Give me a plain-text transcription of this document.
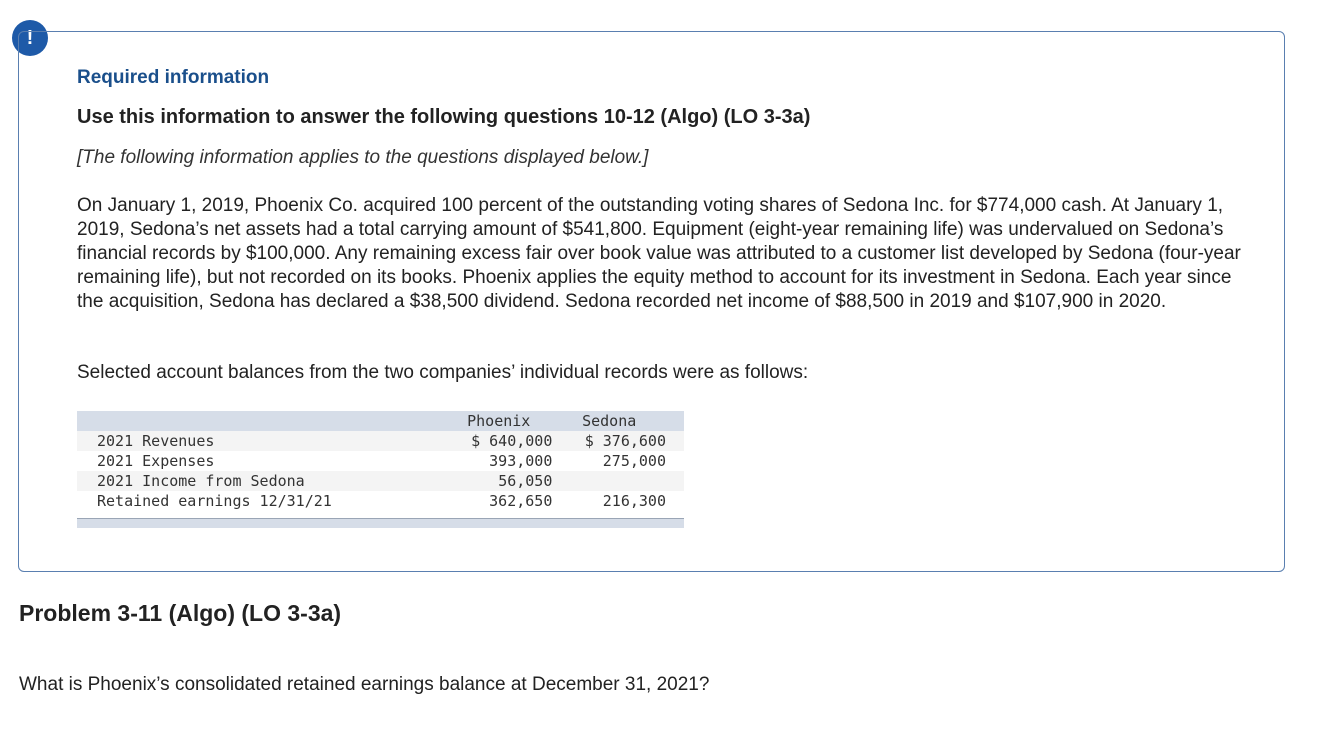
!
Required information
Use this information to answer the following questions 10-12 (Algo) (LO 3-3a)

[The following information applies to the questions displayed below.]

On January 1, 2019, Phoenix Co. acquired 100 percent of the outstanding voting shares of Sedona Inc. for $774,000 cash. At January 1, 2019, Sedona’s net assets had a total carrying amount of $541,800. Equipment (eight-year remaining life) was undervalued on Sedona’s financial records by $100,000. Any remaining excess fair over book value was attributed to a customer list developed by Sedona (four-year remaining life), but not recorded on its books. Phoenix applies the equity method to account for its investment in Sedona. Each year since the acquisition, Sedona has declared a $38,500 dividend. Sedona recorded net income of $88,500 in 2019 and $107,900 in 2020.

Selected account balances from the two companies’ individual records were as follows:

	Phoenix	Sedona
2021 Revenues	$ 640,000	$ 376,600
2021 Expenses	393,000	275,000
2021 Income from Sedona	56,050	
Retained earnings 12/31/21	362,650	216,300
Problem 3-11 (Algo) (LO 3-3a)

What is Phoenix’s consolidated retained earnings balance at December 31, 2021?
